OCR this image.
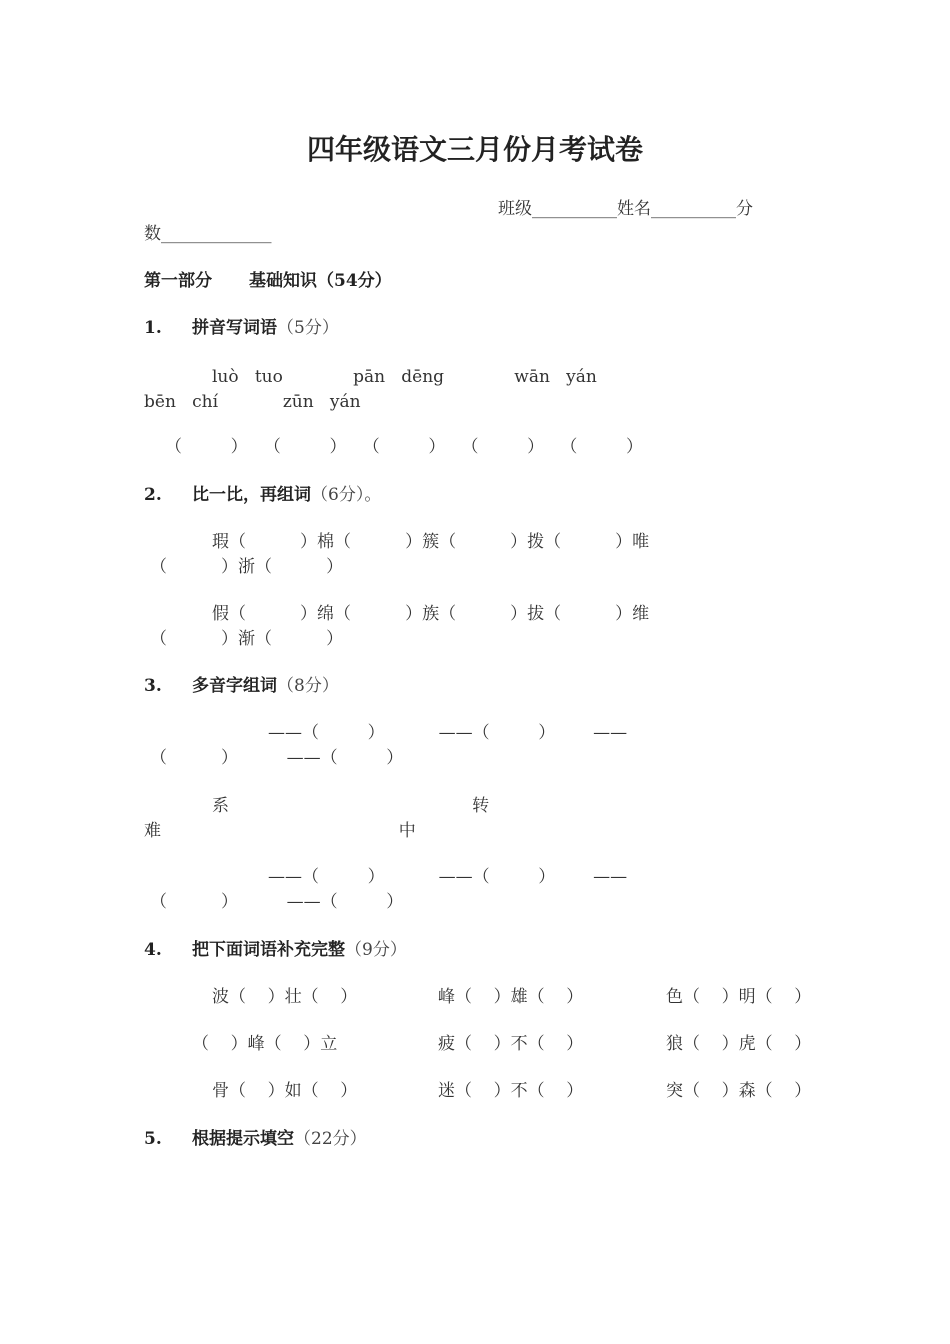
四年级语文三月份月考试卷
班级__________姓名__________分
数_____________
第一部分 基础知识（54分）
1. 拼音写词语（5分）
luò   tuo             pān   dēng             wān   yán
bēn   chí            zūn   yán
（         ）   （         ）   （         ）   （         ）   （         ）
2. 比一比，再组词（6分）。
瑕（          ）棉（          ）簇（          ）拨（          ）唯
（          ）浙（          ）
假（          ）绵（          ）族（          ）拔（          ）维
（          ）渐（          ）
3. 多音字组词（8分）
——（         ）          ——（         ）       ——
（          ）         ——（         ）
系                                             转
难                                            中
——（         ）          ——（         ）       ——
（          ）         ——（         ）
4. 把下面词语补充完整（9分）
波（    ）壮（    ）	峰（    ）雄（    ）	色（    ）明（    ）
（    ）峰（    ）立	疲（    ）不（    ）	狼（    ）虎（    ）
骨（    ）如（    ）	迷（    ）不（    ）	突（    ）森（    ）
5. 根据提示填空（22分）
